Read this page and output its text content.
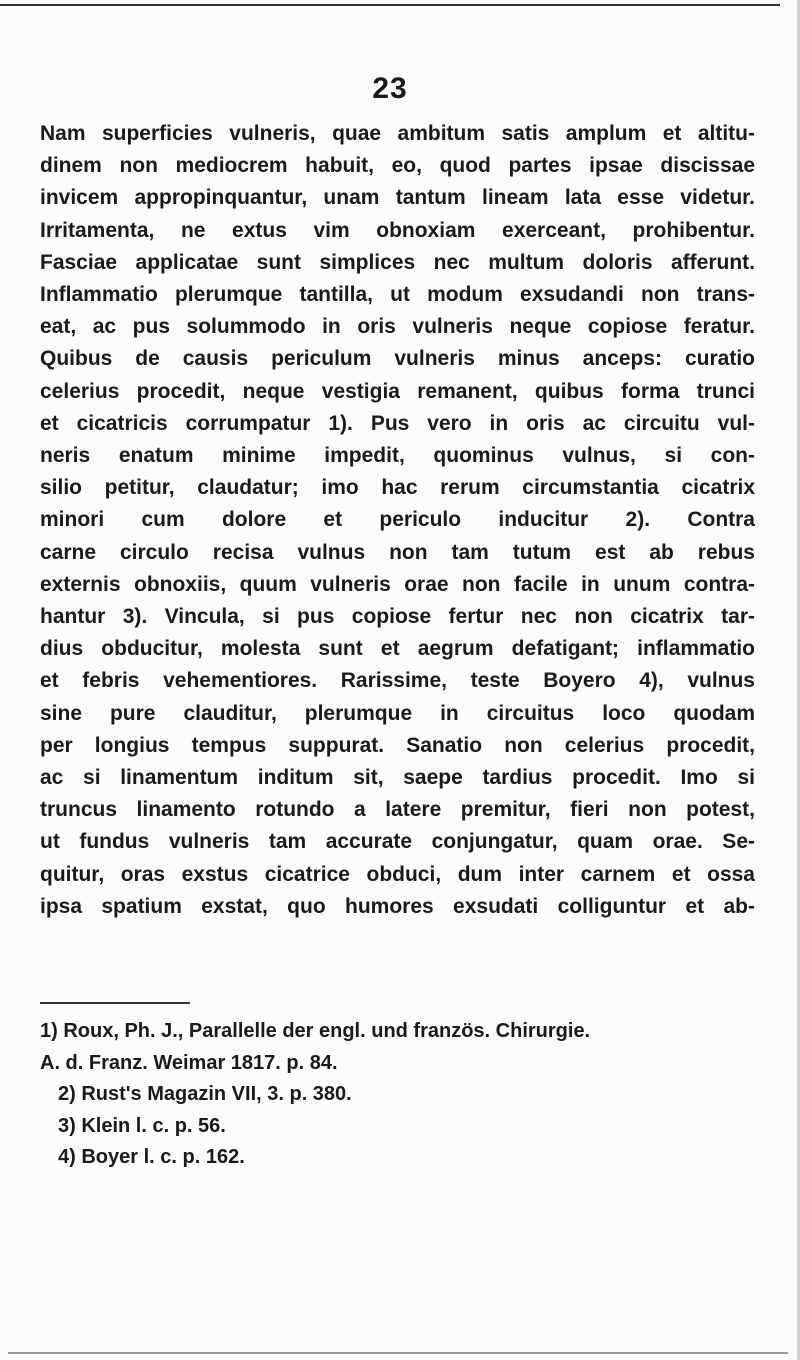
23
Nam superficies vulneris, quae ambitum satis amplum et altitu-
dinem non mediocrem habuit, eo, quod partes ipsae discissae
invicem appropinquantur, unam tantum lineam lata esse videtur.
Irritamenta, ne extus vim obnoxiam exerceant, prohibentur.
Fasciae applicatae sunt simplices nec multum doloris afferunt.
Inflammatio plerumque tantilla, ut modum exsudandi non trans-
eat, ac pus solummodo in oris vulneris neque copiose feratur.
Quibus de causis periculum vulneris minus anceps: curatio
celerius procedit, neque vestigia remanent, quibus forma trunci
et cicatricis corrumpatur 1). Pus vero in oris ac circuitu vul-
neris enatum minime impedit, quominus vulnus, si con-
silio petitur, claudatur; imo hac rerum circumstantia cicatrix
minori cum dolore et periculo inducitur 2). Contra
carne circulo recisa vulnus non tam tutum est ab rebus
externis obnoxiis, quum vulneris orae non facile in unum contra-
hantur 3). Vincula, si pus copiose fertur nec non cicatrix tar-
dius obducitur, molesta sunt et aegrum defatigant; inflammatio
et febris vehementiores. Rarissime, teste Boyero 4), vulnus
sine pure clauditur, plerumque in circuitus loco quodam
per longius tempus suppurat. Sanatio non celerius procedit,
ac si linamentum inditum sit, saepe tardius procedit. Imo si
truncus linamento rotundo a latere premitur, fieri non potest,
ut fundus vulneris tam accurate conjungatur, quam orae. Se-
quitur, oras exstus cicatrice obduci, dum inter carnem et ossa
ipsa spatium exstat, quo humores exsudati colliguntur et ab-
1) Roux, Ph. J., Parallelle der engl. und französ. Chirurgie.
A. d. Franz. Weimar 1817. p. 84.
2) Rust's Magazin VII, 3. p. 380.
3) Klein l. c. p. 56.
4) Boyer l. c. p. 162.
